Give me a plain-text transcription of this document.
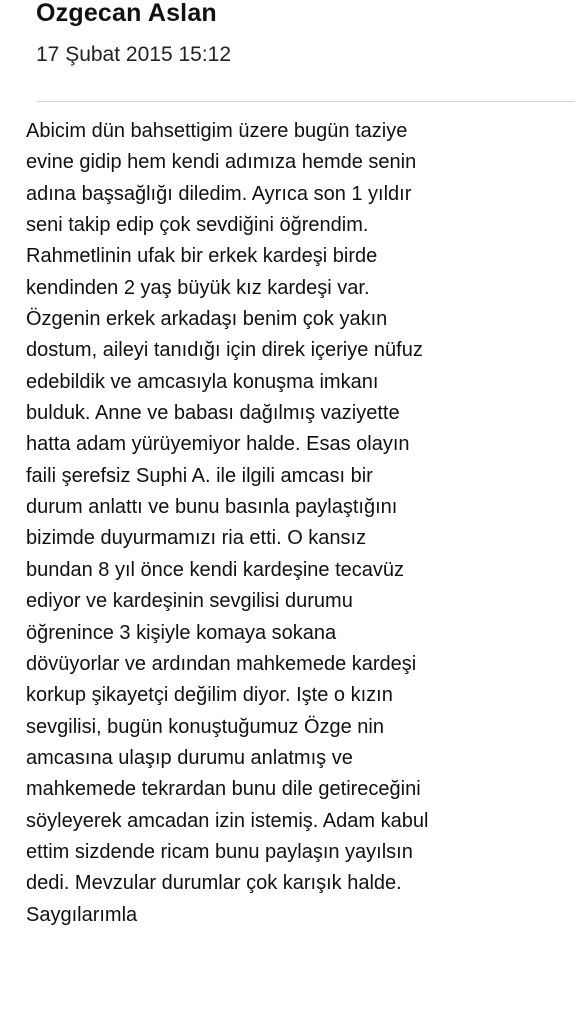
Ozgecan Aslan
17 Şubat 2015 15:12
Abicim dün bahsettigim üzere bugün taziye
evine gidip hem kendi adımıza hemde senin
adına başsağlığı diledim. Ayrıca son 1 yıldır
seni takip edip çok sevdiğini öğrendim.
Rahmetlinin ufak bir erkek kardeşi birde
kendinden 2 yaş büyük kız kardeşi var.
Özgenin erkek arkadaşı benim çok yakın
dostum, aileyi tanıdığı için direk içeriye nüfuz
edebildik ve amcasıyla konuşma imkanı
bulduk. Anne ve babası dağılmış vaziyette
hatta adam yürüyemiyor halde. Esas olayın
faili şerefsiz Suphi A. ile ilgili amcası bir
durum anlattı ve bunu basınla paylaştığını
bizimde duyurmamızı ria etti. O kansız
bundan 8 yıl önce kendi kardeşine tecavüz
ediyor ve kardeşinin sevgilisi durumu
öğrenince 3 kişiyle komaya sokana
dövüyorlar ve ardından mahkemede kardeşi
korkup şikayetçi değilim diyor. Işte o kızın
sevgilisi, bugün konuştuğumuz Özge nin
amcasına ulaşıp durumu anlatmış ve
mahkemede tekrardan bunu dile getireceğini
söyleyerek amcadan izin istemiş. Adam kabul
ettim sizdende ricam bunu paylaşın yayılsın
dedi. Mevzular durumlar çok karışık halde.
Saygılarımla
